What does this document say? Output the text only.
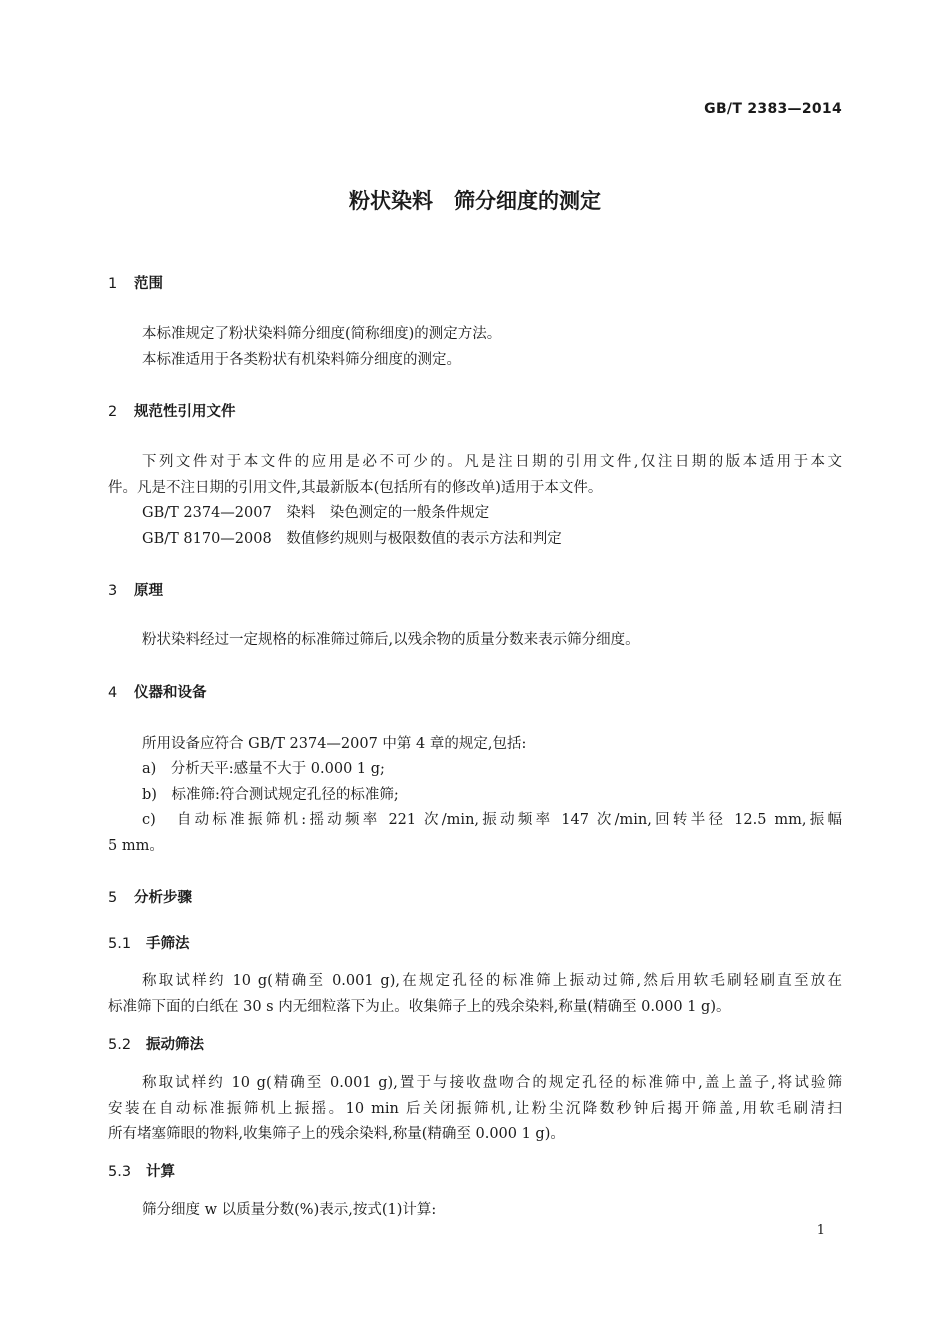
GB/T 2383—2014
粉状染料　筛分细度的测定
1 范围
本标准规定了粉状染料筛分细度(简称细度)的测定方法。
本标准适用于各类粉状有机染料筛分细度的测定。
2 规范性引用文件
下列文件对于本文件的应用是必不可少的。凡是注日期的引用文件,仅注日期的版本适用于本文
件。凡是不注日期的引用文件,其最新版本(包括所有的修改单)适用于本文件。
GB/T 2374—2007　染料　染色测定的一般条件规定
GB/T 8170—2008　数值修约规则与极限数值的表示方法和判定
3 原理
粉状染料经过一定规格的标准筛过筛后,以残余物的质量分数来表示筛分细度。
4 仪器和设备
所用设备应符合 GB/T 2374—2007 中第 4 章的规定,包括:
a)　分析天平:感量不大于 0.000 1 g;
b)　标准筛:符合测试规定孔径的标准筛;
c)　自动标准振筛机:摇动频率 221 次/min,振动频率 147 次/min,回转半径 12.5 mm,振幅
5 mm。
5 分析步骤
5.1 手筛法
称取试样约 10 g(精确至 0.001 g),在规定孔径的标准筛上振动过筛,然后用软毛刷轻刷直至放在
标准筛下面的白纸在 30 s 内无细粒落下为止。收集筛子上的残余染料,称量(精确至 0.000 1 g)。
5.2 振动筛法
称取试样约 10 g(精确至 0.001 g),置于与接收盘吻合的规定孔径的标准筛中,盖上盖子,将试验筛
安装在自动标准振筛机上振摇。10 min 后关闭振筛机,让粉尘沉降数秒钟后揭开筛盖,用软毛刷清扫
所有堵塞筛眼的物料,收集筛子上的残余染料,称量(精确至 0.000 1 g)。
5.3 计算
筛分细度 w 以质量分数(%)表示,按式(1)计算:
1
